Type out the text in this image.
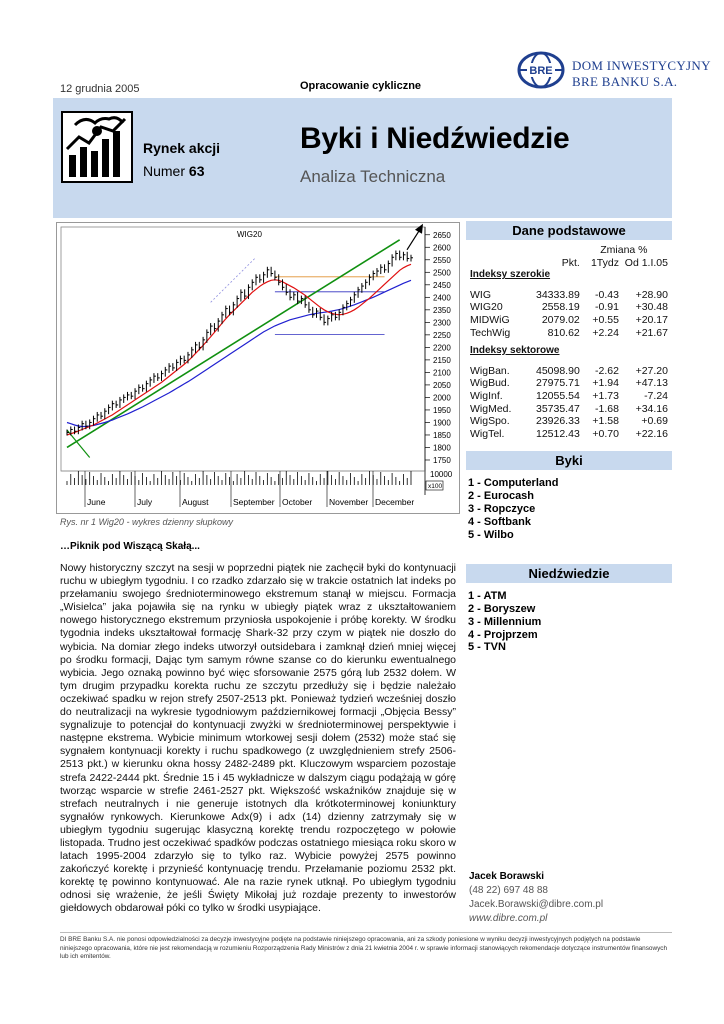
12 grudnia 2005	Opracowanie cykliczne
BRE DOM INWESTYCYJNY
BRE BANKU S.A.
Rynek akcji
Numer 63
Byki i Niedźwiedzie
Analiza Techniczna
WIG20	2650
2600
2550
2500
2450
2400
2350
2300
2250
2200
2150
2100
2050
2000
1950
1900
1850
1800
1750
10000
x100
June	July	August	September October November December
Rys. nr 1 Wig20 - wykres dzienny słupkowy
…Piknik pod Wiszącą Skałą...
Nowy historyczny szczyt na sesji w poprzedni piątek nie zachęcił byki do kontynuacji ruchu w ubiegłym tygodniu. I co rzadko zdarzało się w trakcie ostatnich lat indeks po przełamaniu swojego średnioterminowego ekstremum stanął w miejscu. Formacja „Wisielca” jaka pojawiła się na rynku w ubiegły piątek wraz z ukształtowaniem nowego historycznego ekstremum przyniosła uspokojenie i próbę korekty. W środku tygodnia indeks ukształtował formację Shark-32 przy czym w piątek nie doszło do wybicia. Na domiar złego indeks utworzył outsidebara i zamknął dzień mniej więcej po środku formacji, Dając tym samym równe szanse co do kierunku ewentualnego wybicia. Jego oznaką powinno być więc sforsowanie 2575 górą lub 2532 dołem. W tym drugim przypadku korekta ruchu ze szczytu przedłuży się i będzie należało oczekiwać spadku w rejon strefy 2507-2513 pkt. Ponieważ tydzień wcześniej doszło do neutralizacji na wykresie tygodniowym październikowej formacji „Objęcia Bessy” sygnalizuje to potencjał do kontynuacji zwyżki w średnioterminowej perspektywie i następne ekstrema. Wybicie minimum wtorkowej sesji dołem (2532) może stać się sygnałem kontynuacji korekty i ruchu spadkowego (z uwzględnieniem strefy 2506-2513 pkt.) w kierunku okna hossy 2482-2489 pkt. Kluczowym wsparciem pozostaje strefa 2422-2444 pkt. Średnie 15 i 45 wykładnicze w dalszym ciągu podążają w górę tworząc wsparcie w strefie 2461-2527 pkt. Większość wskaźników znajduje się w strefach neutralnych i nie generuje istotnych dla krótkoterminowej koniunktury sygnałów rynkowych. Kierunkowe Adx(9) i adx (14) dzienny zatrzymały się w ubiegłym tygodniu sugerując klasyczną korektę trendu rozpoczętego w połowie listopada. Trudno jest oczekiwać spadków podczas ostatniego miesiąca roku skoro w latach 1995-2004 zdarzyło się to tylko raz. Wybicie powyżej 2575 powinno zakończyć korektę i przynieść kontynuację trendu. Przełamanie poziomu 2532 pkt. korektę tę powinno kontynuować. Ale na razie rynek utknął. Po ubiegłym tygodniu odnosi się wrażenie, że jeśli Święty Mikołaj już rozdaje prezenty to inwestorów giełdowych obdarował póki co tylko w środki usypiające.
Dane podstawowe
Zmiana %
Pkt.	1Tydz Od 1.I.05
Indeksy szeroki e
WIG	34333.89	-0.43	+28.90
WIG20	2558.19	-0.91	+30.48
MIDWiG	2079.02	+0.55	+20.17
TechWig	810.62	+2.24	+21.67
Indeksy sektorowe
WigBan.	45098.90	-2.62	+27.20
WigBud.	27975.71	+1.94	+47.13
WigInf.	12055.54	+1.73	-7.24
WigMed.	35735.47	-1.68	+34.16
WigSpo.	23926.33	+1.58	+0.69
WigTel.	12512.43	+0.70	+22.16
Byki
1 - Computerland
2 - Eurocash
3 - Ropczyce
4 - Softbank
5 - Wilbo
Niedźwiedzie
1 - ATM
2 - Boryszew
3 - Millennium
4 - Projprzem
5 - TVN
Jacek Borawski
(48 22) 697 48 88
Jacek.Borawski@dibre.com.pl
www.dibre.com.pl
DI BRE Banku S.A. nie ponosi odpowiedzialności za decyzje inwestycyjne podjęte na podstawie niniejszego opracowania, ani za szkody poniesione w wyniku decyzji inwestycyjnych podjętych na podstawie niniejszego opracowania, które nie jest rekomendacją w rozumieniu Rozporządzenia Rady Ministrów z dnia 21 kwietnia 2004 r. w sprawie informacji stanowiących rekomendacje dotyczące instrumentów finansowych lub ich emitentów.
